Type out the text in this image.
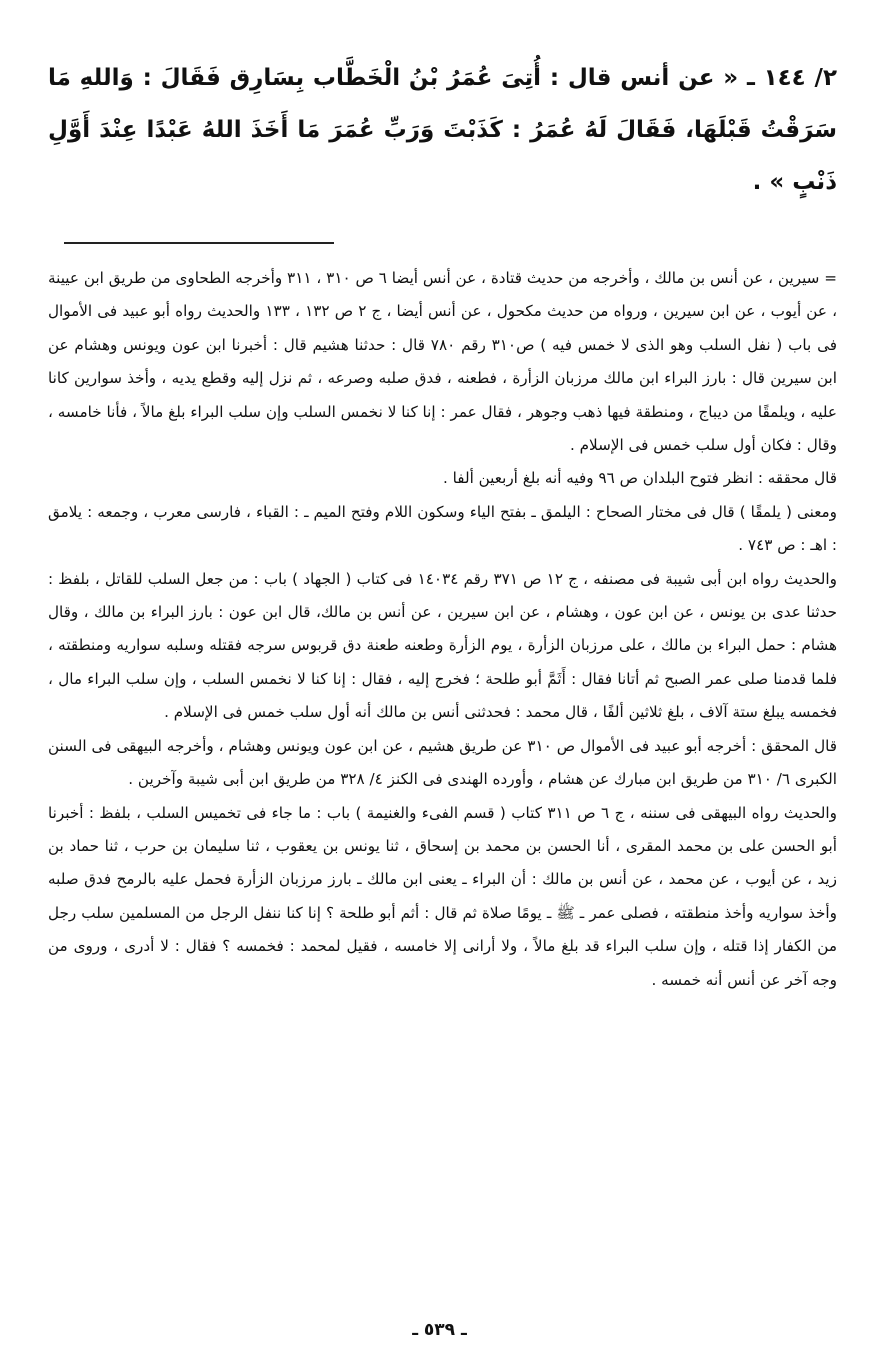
٢/ ١٤٤ ـ « عن أنس قال : أُتِىَ عُمَرُ بْنُ الْخَطَّاب بِسَارِق فَقَالَ : وَاللهِ مَا سَرَقْتُ قَبْلَهَا، فَقَالَ لَهُ عُمَرُ : كَذَبْتَ وَرَبِّ عُمَرَ مَا أَخَذَ اللهُ عَبْدًا عِنْدَ أَوَّلِ ذَنْبٍ » .

= سيرين ، عن أنس بن مالك ، وأخرجه من حديث قتادة ، عن أنس أيضا ٦ ص ٣١٠ ، ٣١١ وأخرجه الطحاوى من طريق ابن عيينة ، عن أيوب ، عن ابن سيرين ، ورواه من حديث مكحول ، عن أنس أيضا ، ج ٢ ص ١٣٢ ، ١٣٣ والحديث رواه أبو عبيد فى الأموال فى باب ( نفل السلب وهو الذى لا خمس فيه ) ص٣١٠ رقم ٧٨٠ قال : حدثنا هشيم قال : أخبرنا ابن عون ويونس وهشام عن ابن سيرين قال : بارز البراء ابن مالك مرزبان الزأرة ، فطعنه ، فدق صلبه وصرعه ، ثم نزل إليه وقطع يديه ، وأخذ سوارين كانا عليه ، ويلمقًا من ديباج ، ومنطقة فيها ذهب وجوهر ، فقال عمر : إنا كنا لا نخمس السلب وإن سلب البراء بلغ مالاً ، فأنا خامسه ، وقال : فكان أول سلب خمس فى الإسلام .

قال محققه : انظر فتوح البلدان ص ٩٦ وفيه أنه بلغ أربعين ألفا .

ومعنى ( يلمقًا ) قال فى مختار الصحاح : اليلمق ـ بفتح الياء وسكون اللام وفتح الميم ـ : القباء ، فارسى معرب ، وجمعه : يلامق : اهـ : ص ٧٤٣ .

والحديث رواه ابن أبى شيبة فى مصنفه ، ج ١٢ ص ٣٧١ رقم ١٤٠٣٤ فى كتاب ( الجهاد ) باب : من جعل السلب للقاتل ، بلفظ : حدثنا عدى بن يونس ، عن ابن عون ، وهشام ، عن ابن سيرين ، عن أنس بن مالك، قال ابن عون : بارز البراء بن مالك ، وقال هشام : حمل البراء بن مالك ، على مرزبان الزأرة ، يوم الزأرة وطعنه طعنة دق قربوس سرجه فقتله وسلبه سواريه ومنطقته ، فلما قدمنا صلى عمر الصبح ثم أتانا فقال : أَثَمَّ أبو طلحة ؛ فخرج إليه ، فقال : إنا كنا لا نخمس السلب ، وإن سلب البراء مال ، فخمسه يبلغ ستة آلاف ، بلغ ثلاثين ألفًا ، قال محمد : فحدثنى أنس بن مالك أنه أول سلب خمس فى الإسلام .

قال المحقق : أخرجه أبو عبيد فى الأموال ص ٣١٠ عن طريق هشيم ، عن ابن عون ويونس وهشام ، وأخرجه البيهقى فى السنن الكبرى ٦/ ٣١٠ من طريق ابن مبارك عن هشام ، وأورده الهندى فى الكنز ٤/ ٣٢٨ من طريق ابن أبى شيبة وآخرين .

والحديث رواه البيهقى فى سننه ، ج ٦ ص ٣١١ كتاب ( قسم الفىء والغنيمة ) باب : ما جاء فى تخميس السلب ، بلفظ : أخبرنا أبو الحسن على بن محمد المقرى ، أنا الحسن بن محمد بن إسحاق ، ثنا يونس بن يعقوب ، ثنا سليمان بن حرب ، ثنا حماد بن زيد ، عن أيوب ، عن محمد ، عن أنس بن مالك : أن البراء ـ يعنى ابن مالك ـ بارز مرزبان الزأرة فحمل عليه بالرمح فدق صلبه وأخذ سواريه وأخذ منطقته ، فصلى عمر ـ ﷺ ـ يومًا صلاة ثم قال : أثم أبو طلحة ؟ إنا كنا ننفل الرجل من المسلمين سلب رجل من الكفار إذا قتله ، وإن سلب البراء قد بلغ مالاً ، ولا أرانى إلا خامسه ، فقيل لمحمد : فخمسه ؟ فقال : لا أدرى ، وروى من وجه آخر عن أنس أنه خمسه .

ـ ٥٣٩ ـ
